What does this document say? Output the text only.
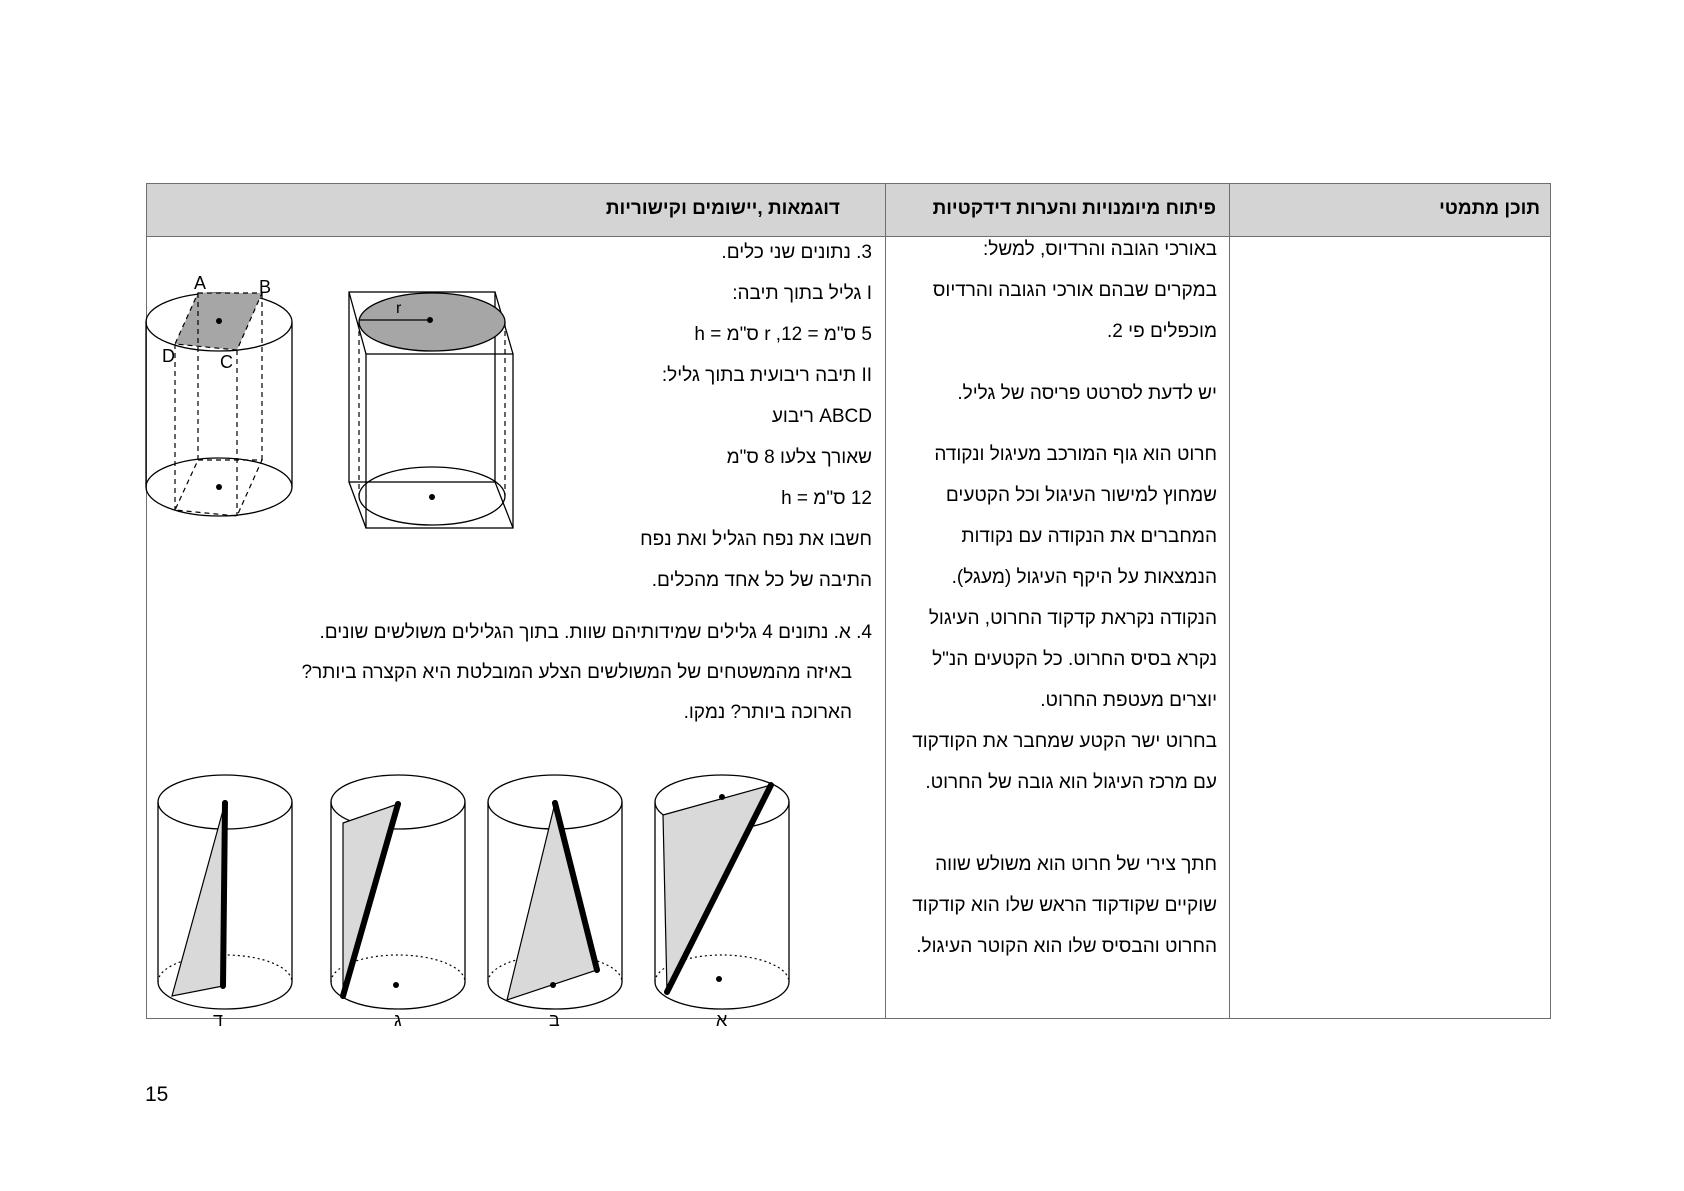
תוכן מתמטי
פיתוח מיומנויות והערות דידקטיות
דוגמאות ,יישומים וקישוריות
באורכי הגובה והרדיוס, למשל:
במקרים שבהם אורכי הגובה והרדיוס
מוכפלים פי 2.
יש לדעת לסרטט פריסה של גליל.
חרוט הוא גוף המורכב מעיגול ונקודה
שמחוץ למישור העיגול וכל הקטעים
המחברים את הנקודה עם נקודות
הנמצאות על היקף העיגול (מעגל).
הנקודה נקראת קדקוד החרוט, העיגול
נקרא בסיס החרוט. כל הקטעים הנ"ל
יוצרים מעטפת החרוט.
בחרוט ישר הקטע שמחבר את הקודקוד
עם מרכז העיגול הוא גובה של החרוט.
חתך צירי של חרוט הוא משולש שווה
שוקיים שקודקוד הראש שלו הוא קודקוד
החרוט והבסיס שלו הוא הקוטר העיגול.
3. נתונים שני כלים.
I גליל בתוך תיבה:
5 ס"מ = r ,12 ס"מ = h
II תיבה ריבועית בתוך גליל:
ABCD ריבוע
שאורך צלעו 8 ס"מ
12 ס"מ = h
חשבו את נפח הגליל ואת נפח
התיבה של כל אחד מהכלים.
4. א. נתונים 4 גלילים שמידותיהם שוות. בתוך הגלילים משולשים שונים.
באיזה מהמשטחים של המשולשים הצלע המובלטת היא הקצרה ביותר?
הארוכה ביותר? נמקו.
A	B
C
D
r
א
ב
ג
ד
15
